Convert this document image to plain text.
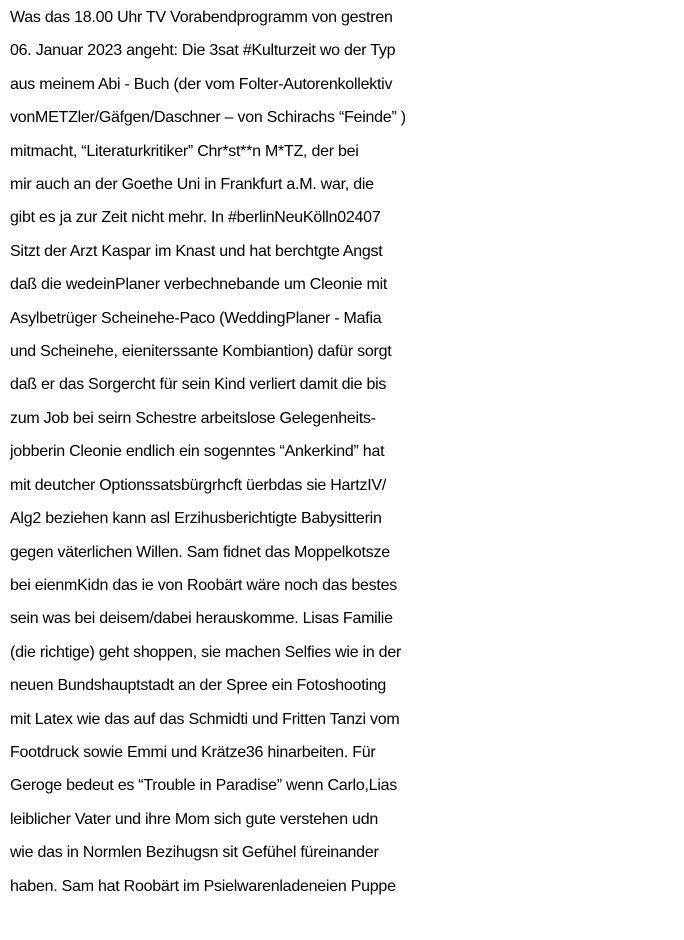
Was das 18.00 Uhr TV Vorabendprogramm von gestren
06. Januar 2023 angeht: Die 3sat #Kulturzeit wo der Typ
aus meinem Abi - Buch (der vom Folter-Autorenkollektiv
vonMETZler/Gäfgen/Daschner – von Schirachs “Feinde” )
mitmacht, “Literaturkritiker” Chr*st**n M*TZ, der bei
mir auch an der Goethe Uni in Frankfurt a.M. war, die
gibt es ja zur Zeit nicht mehr. In #berlinNeuKölln02407
Sitzt der Arzt Kaspar im Knast und hat berchtgte Angst
daß die wedeinPlaner verbechnebande um Cleonie mit
Asylbetrüger Scheinehe-Paco (WeddingPlaner - Mafia
und Scheinehe, eieniterssante Kombiantion) dafür sorgt
daß er das Sorgercht für sein Kind verliert damit die bis
zum Job bei seirn Schestre arbeitslose Gelegenheits-
jobberin Cleonie endlich ein sogenntes “Ankerkind” hat
mit deutcher Optionssatsbürgrhcft üerbdas sie HartzIV/
Alg2 beziehen kann asl Erzihusberichtigte Babysitterin
gegen väterlichen Willen. Sam fidnet das Moppelkotsze
bei eienmKidn das ie von Roobärt wäre noch das bestes
sein was bei deisem/dabei herauskomme. Lisas Familie
(die richtige) geht shoppen, sie machen Selfies wie in der
neuen Bundshauptstadt an der Spree ein Fotoshooting
mit Latex wie das auf das Schmidti und Fritten Tanzi vom
Footdruck sowie Emmi und Krätze36 hinarbeiten. Für
Geroge bedeut es “Trouble in Paradise” wenn Carlo,Lias
leiblicher Vater und ihre Mom sich gute verstehen udn
wie das in Normlen Bezihugsn sit Gefühel füreinander
haben. Sam hat Roobärt im Psielwarenladeneien Puppe
